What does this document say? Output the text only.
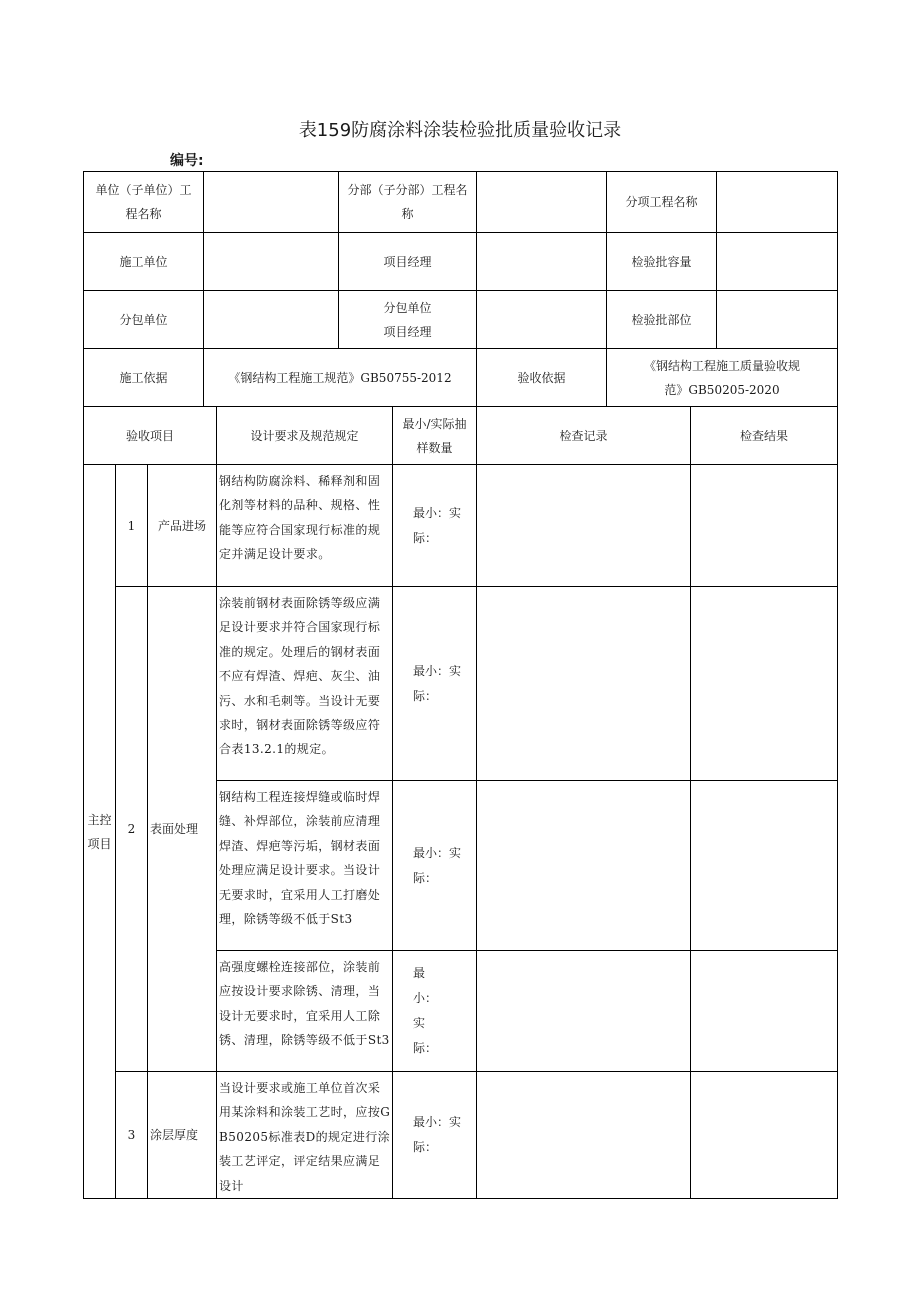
表159防腐涂料涂装检验批质量验收记录
编号:
单位（子单位）工程名称		分部（子分部）工程名称		分项工程名称	
施工单位		项目经理		检验批容量	
分包单位		分包单位项目经理		检验批部位	
施工依据	《钢结构工程施工规范》GB50755-2012		验收依据	《钢结构工程施工质量验收规范》GB50205-2020	
验收项目			设计要求及规范规定	最小/实际抽样数量	检查记录	检查结果
主控项目	1	产品进场	钢结构防腐涂料、稀释剂和固化剂等材料的品种、规格、性能等应符合国家现行标准的规定并满足设计要求。	最小：实际：		
	2	表面处理	涂装前钢材表面除锈等级应满足设计要求并符合国家现行标准的规定。处理后的钢材表面不应有焊渣、焊疤、灰尘、油污、水和毛刺等。当设计无要求时，钢材表面除锈等级应符合表13.2.1的规定。	最小：实际：		
			钢结构工程连接焊缝或临时焊缝、补焊部位，涂装前应清理焊渣、焊疤等污垢，钢材表面处理应满足设计要求。当设计无要求时，宜采用人工打磨处理，除锈等级不低于St3	最小：实际：		
			高强度螺栓连接部位，涂装前应按设计要求除锈、清理，当设计无要求时，宜采用人工除锈、清理，除锈等级不低于St3	最小：实际：		
	3	涂层厚度	当设计要求或施工单位首次采用某涂料和涂装工艺时，应按GB50205标准表D的规定进行涂装工艺评定，评定结果应满足设计	最小：实际：		
